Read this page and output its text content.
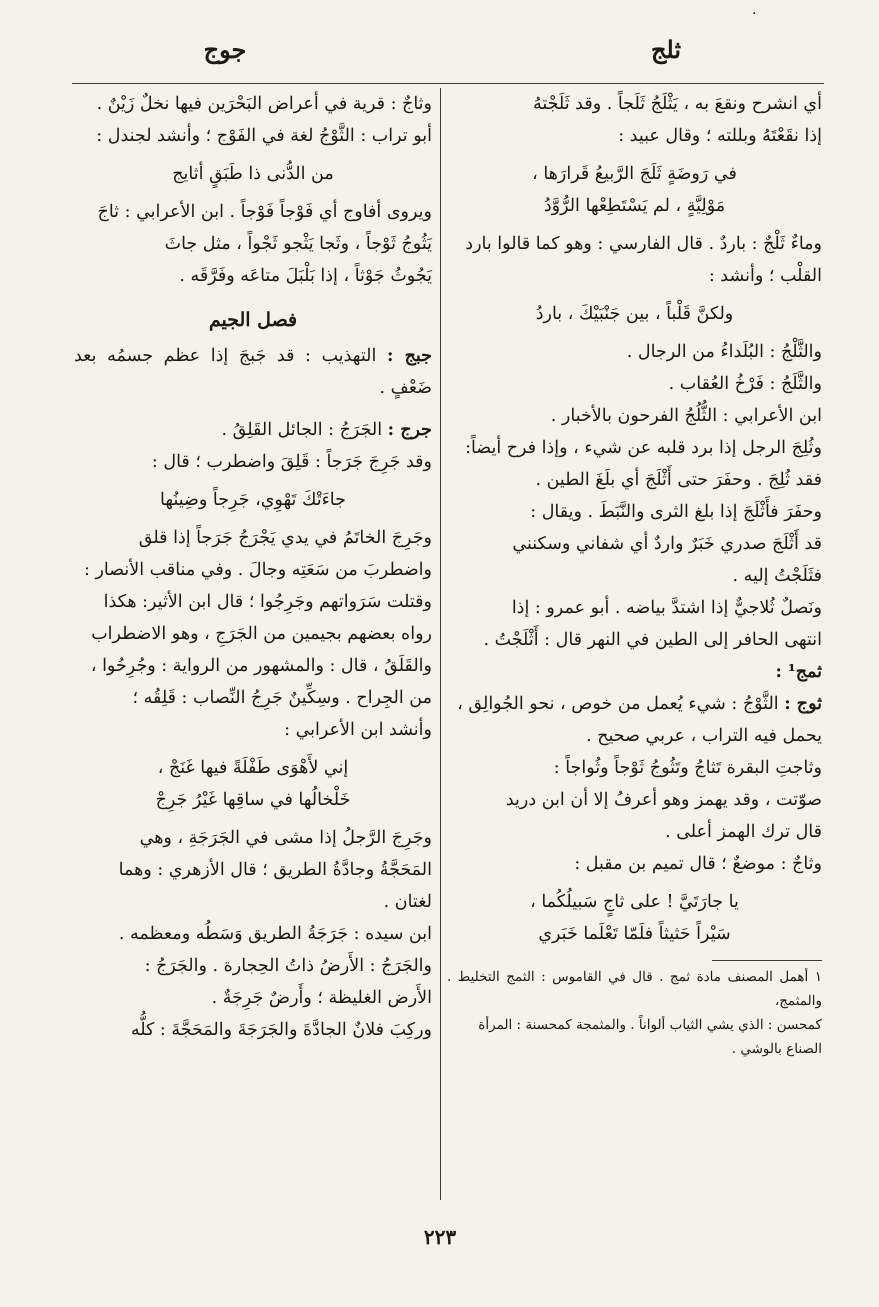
·
ثلج
جوج

أي انشرح ونقعَ به ، يَثْلَجُ ثَلَجاً . وقد ثَلَجْتهُ

إذا نقَعْتَهُ وبللته ؛ وقال عبيد :

في رَوضَةٍ ثَلَجَ الرَّبيعُ قَرارَها ،

مَوْلِيَّةٍ ، لم يَسْتَطِعْها الرُّوَّدُ

وماءٌ ثَلْجٌ : باردٌ . قال الفارسي : وهو كما قالوا بارد

القلْب ؛ وأنشد :

ولكنَّ قَلْباً ، بين جَنْبَيْكَ ، باردُ

والثَّلْجُ : البُلَداءُ من الرجال .

والثَّلَجُ : فَرْخُ العُقاب .

ابن الأعرابي : الثُّلُجُ الفرحون بالأخبار .

وثُلِجَ الرجل إذا برد قلبه عن شيء ، وإذا فرح أيضاً:

فقد ثُلِجَ . وحفَرَ حتى أَثْلَجَ أي بلَغَ الطين .

وحفَرَ فأَثْلَجَ إذا بلغ الثرى والنَّبَطَ . ويقال :

قد أَثْلَجَ صدري خَبَرٌ واردٌ أي شفاني وسكنني

فثَلَجْتُ إليه .

ونَصلٌ ثُلاجيٌّ إذا اشتدَّ بياضه . أبو عمرو : إذا

انتهى الحافر إلى الطين في النهر قال : أَثْلَجْتُ .

ثمج¹ :

ثوج : الثَّوْجُ : شيء يُعمل من خوص ، نحو الجُوالِق ،

يحمل فيه التراب ، عربي صحيح .

وثاجتِ البقرة تَثاجُ وتَثُوجُ ثَوْجاً وثُواجاً :

صوّتت ، وقد يهمز وهو أعرفُ إلا أن ابن دريد

قال ترك الهمز أعلى .

وثاجٌ : موضعٌ ؛ قال تميم بن مقبل :

يا جارَتَيَّ ! على ثاجٍ سَبيلُكُما ،

سَيْراً حَثيثاً فلَمّا تَعْلَما خَبَري

١ أهمل المصنف مادة ثمج . قال في القاموس : الثمج التخليط . والمثمج،

كمحسن : الذي يشي الثياب ألواناً . والمثمجة كمحسنة : المرأة

الصناع بالوشي .

وثاجٌ : قرية في أعراض البَحْرَين فيها نخلٌ زَيْنٌ .

أبو تراب : الثَّوْجُ لغة في الفَوْج ؛ وأنشد لجندل :

من الدُّنى ذا طَبَقٍ أثايج

ويروى أفاوج أي فَوْجاً فَوْجاً . ابن الأعرابي : ثاجَ

يَثُوجُ ثَوْجاً ، وثَجا يَثْجو ثَجْواً ، مثل جاثَ

يَجُوثُ جَوْثاً ، إذا بَلْبَلَ متاعَه وفَرَّقَه .

فصل الجيم

جبج : التهذيب : قد جَبجَ إذا عظم جسمُه بعد ضَعْفٍ .

جرج : الجَرَجُ : الجائل القَلِقُ .

وقد جَرِجَ جَرَجاً : قَلِقَ واضطرب ؛ قال :

جاءَتْكَ تَهْوِي، جَرِجاً وضِينُها

وجَرِجَ الخاتَمُ في يدي يَجْرَجُ جَرَجاً إذا قلق

واضطربَ من سَعَتِه وجالَ . وفي مناقب الأنصار :

وقتلت سَرَواتهم وجَرِجُوا ؛ قال ابن الأثير: هكذا

رواه بعضهم بجيمين من الجَرَجِ ، وهو الاضطراب

والقَلَقُ ، قال : والمشهور من الرواية : وجُرِحُوا ،

من الجِراح . وسِكِّينٌ جَرِجُ النِّصاب : قَلِقُه ؛

وأنشد ابن الأعرابي :

إني لأَهْوَى طَفْلَةً فيها غَنَجْ ،

خَلْخالُها في ساقِها غَيْرُ جَرِجْ

وجَرِجَ الرَّجلُ إذا مشى في الجَرَجَةِ ، وهي

المَحَجَّةُ وجادَّةُ الطريق ؛ قال الأزهري : وهما

لغتان .

ابن سيده : جَرَجَةُ الطريق وَسَطُه ومعظمه .

والجَرَجُ : الأَرضُ ذاتُ الحِجارة . والجَرَجُ :

الأَرض الغليظة ؛ وأَرضٌ جَرِجَةٌ .

وركِبَ فلانٌ الجادَّةَ والجَرَجَةَ والمَحَجَّةَ : كلُّه

٢٢٣
